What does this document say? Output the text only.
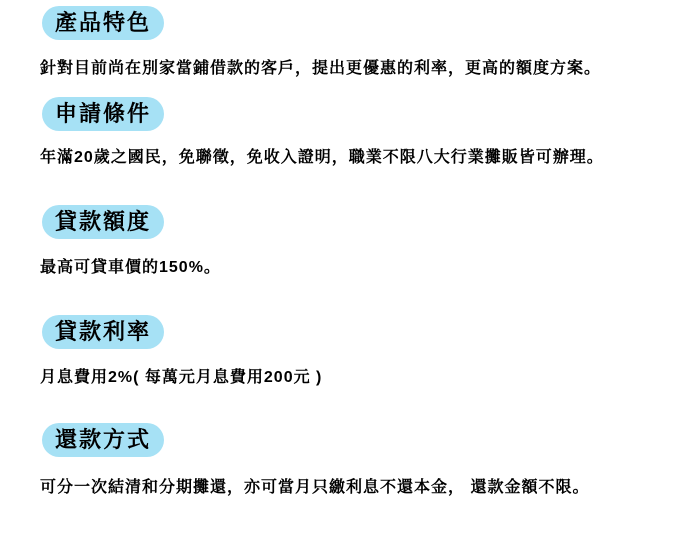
產品特色
針對目前尚在別家當鋪借款的客戶，提出更優惠的利率，更高的額度方案。
申請條件
年滿20歲之國民，免聯徵，免收入證明，職業不限八大行業攤販皆可辦理。
貸款額度
最高可貸車價的150%。
貸款利率
月息費用2%( 每萬元月息費用200元 )
還款方式
可分一次結清和分期攤還，亦可當月只繳利息不還本金， 還款金額不限。
